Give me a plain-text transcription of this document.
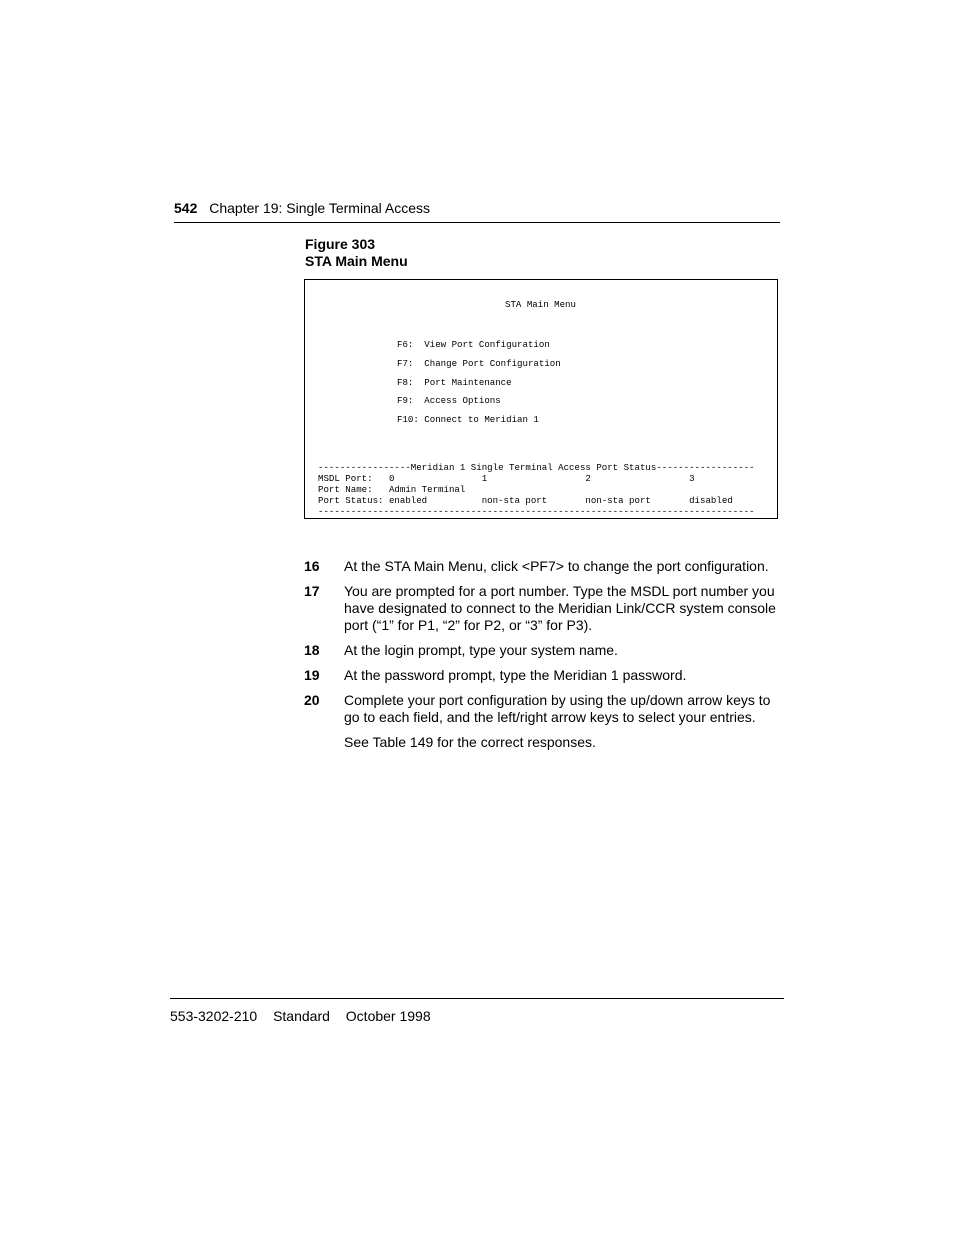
542 Chapter 19: Single Terminal Access
Figure 303
STA Main Menu
STA Main Menu
F6:  View Port Configuration
F7:  Change Port Configuration
F8:  Port Maintenance
F9:  Access Options
F10: Connect to Meridian 1
-----------------Meridian 1 Single Terminal Access Port Status------------------
MSDL Port:   0                1                  2                  3
Port Name:   Admin Terminal
Port Status: enabled          non-sta port       non-sta port       disabled
--------------------------------------------------------------------------------
16	At the STA Main Menu, click <PF7> to change the port configuration.
17	You are prompted for a port number. Type the MSDL port number you have designated to connect to the Meridian Link/CCR system console port (“1” for P1, “2” for P2, or “3” for P3).
18	At the login prompt, type your system name.
19	At the password prompt, type the Meridian 1 password.
20	Complete your port configuration by using the up/down arrow keys to go to each field, and the left/right arrow keys to select your entries.
See Table 149 for the correct responses.
553-3202-210 Standard October 1998
